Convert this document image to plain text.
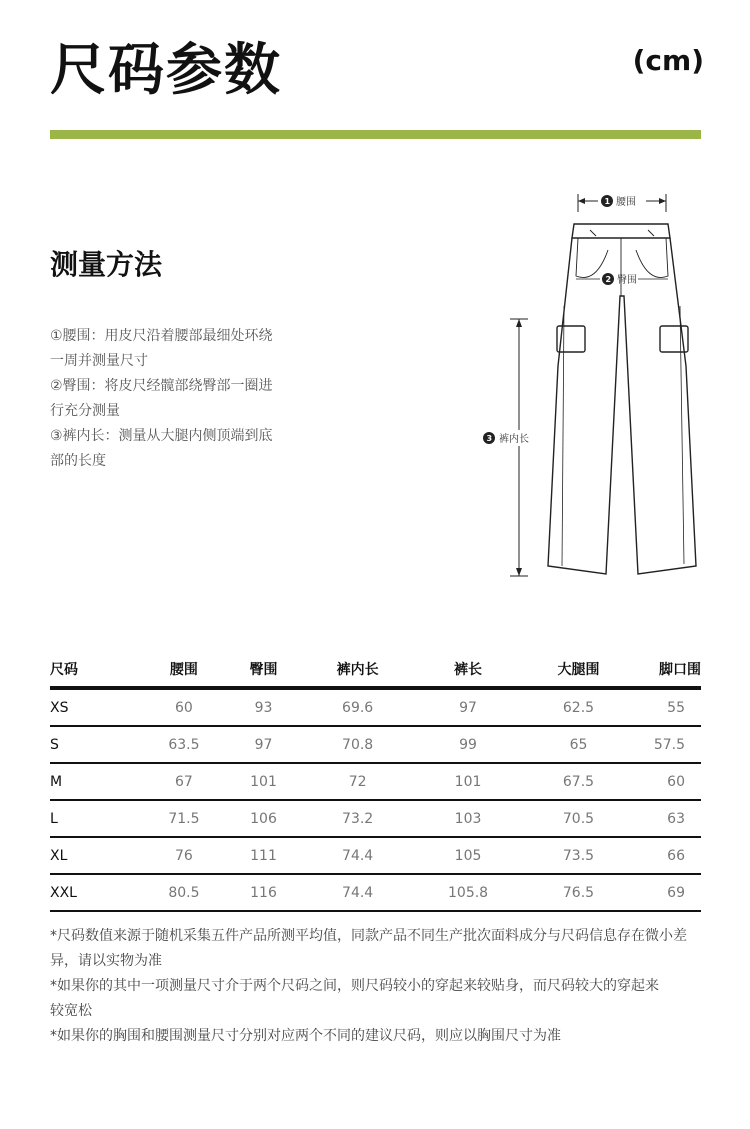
尺码参数	(cm)
测量方法
①腰围：用皮尺沿着腰部最细处环绕
一周并测量尺寸
②臀围：将皮尺经髋部绕臀部一圈进
行充分测量
③裤内长：测量从大腿内侧顶端到底
部的长度
1 腰围
2 臀围
3 裤内长
尺码	腰围	臀围	裤内长	裤长	大腿围	脚口围
XS	60	93	69.6	97	62.5	55
S	63.5	97	70.8	99	65	57.5
M	67	101	72	101	67.5	60
L	71.5	106	73.2	103	70.5	63
XL	76	111	74.4	105	73.5	66
XXL	80.5	116	74.4	105.8	76.5	69
*尺码数值来源于随机采集五件产品所测平均值，同款产品不同生产批次面料成分与尺码信息存在微小差
异，请以实物为准
*如果你的其中一项测量尺寸介于两个尺码之间，则尺码较小的穿起来较贴身，而尺码较大的穿起来
较宽松
*如果你的胸围和腰围测量尺寸分别对应两个不同的建议尺码，则应以胸围尺寸为准
